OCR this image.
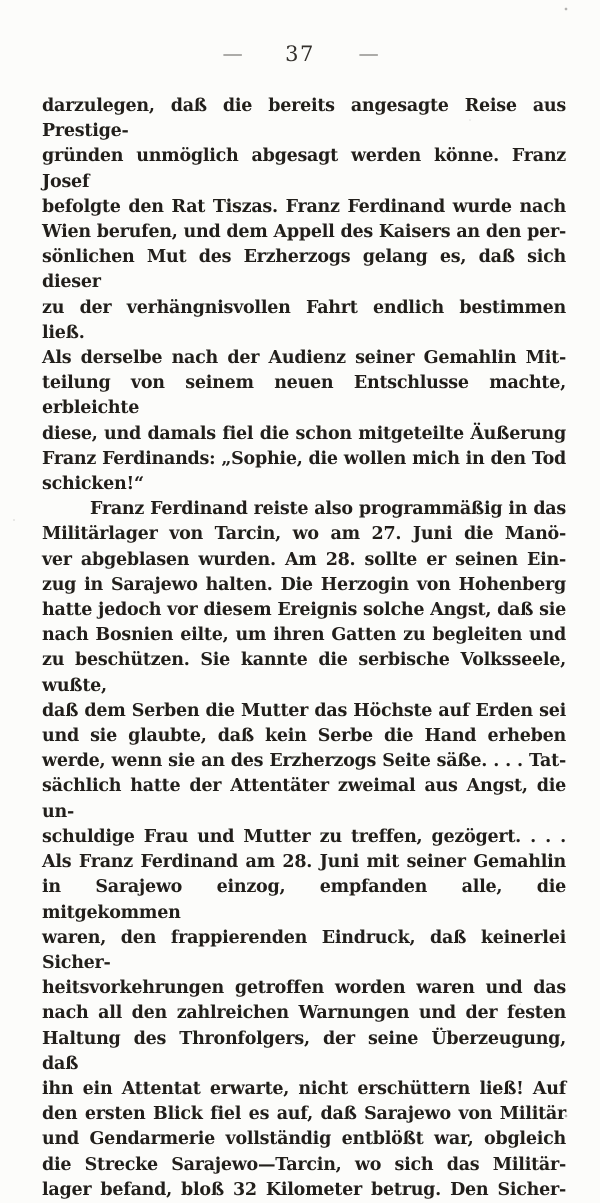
— 37	—
darzulegen, daß die bereits angesagte Reise aus Prestige-
gründen unmöglich abgesagt werden könne. Franz Josef
befolgte den Rat Tiszas. Franz Ferdinand wurde nach
Wien berufen, und dem Appell des Kaisers an den per-
sönlichen Mut des Erzherzogs gelang es, daß sich dieser
zu der verhängnisvollen Fahrt endlich bestimmen ließ.
Als derselbe nach der Audienz seiner Gemahlin Mit-
teilung von seinem neuen Entschlusse machte, erbleichte
diese, und damals fiel die schon mitgeteilte Äußerung
Franz Ferdinands: „Sophie, die wollen mich in den Tod
schicken!“
Franz Ferdinand reiste also programmäßig in das
Militärlager von Tarcin, wo am 27. Juni die Manö-
ver abgeblasen wurden. Am 28. sollte er seinen Ein-
zug in Sarajewo halten. Die Herzogin von Hohenberg
hatte jedoch vor diesem Ereignis solche Angst, daß sie
nach Bosnien eilte, um ihren Gatten zu begleiten und
zu beschützen. Sie kannte die serbische Volksseele, wußte,
daß dem Serben die Mutter das Höchste auf Erden sei
und sie glaubte, daß kein Serbe die Hand erheben
werde, wenn sie an des Erzherzogs Seite säße. . . . Tat-
sächlich hatte der Attentäter zweimal aus Angst, die un-
schuldige Frau und Mutter zu treffen, gezögert. . . .
Als Franz Ferdinand am 28. Juni mit seiner Gemahlin
in Sarajewo einzog, empfanden alle, die mitgekommen
waren, den frappierenden Eindruck, daß keinerlei Sicher-
heitsvorkehrungen getroffen worden waren und das
nach all den zahlreichen Warnungen und der festen
Haltung des Thronfolgers, der seine Überzeugung, daß
ihn ein Attentat erwarte, nicht erschüttern ließ! Auf
den ersten Blick fiel es auf, daß Sarajewo von Militär
und Gendarmerie vollständig entblößt war, obgleich
die Strecke Sarajewo—Tarcin, wo sich das Militär-
lager befand, bloß 32 Kilometer betrug. Den Sicher-
